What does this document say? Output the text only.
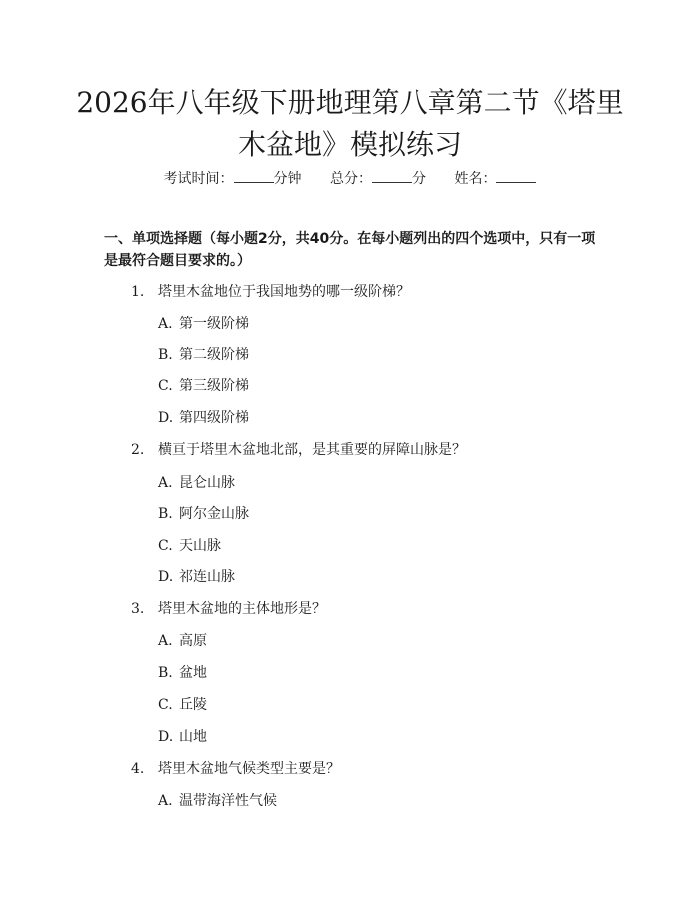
2026年八年级下册地理第八章第二节《塔里
木盆地》模拟练习
考试时间：	分钟 总分：	分 姓名：
一、单项选择题（每小题2分，共40分。在每小题列出的四个选项中，只有一项
是最符合题目要求的。）
1. 塔里木盆地位于我国地势的哪一级阶梯？
A. 第一级阶梯
B. 第二级阶梯
C. 第三级阶梯
D. 第四级阶梯
2. 横亘于塔里木盆地北部，是其重要的屏障山脉是？
A. 昆仑山脉
B. 阿尔金山脉
C. 天山脉
D. 祁连山脉
3. 塔里木盆地的主体地形是？
A. 高原
B. 盆地
C. 丘陵
D. 山地
4. 塔里木盆地气候类型主要是？
A. 温带海洋性气候
